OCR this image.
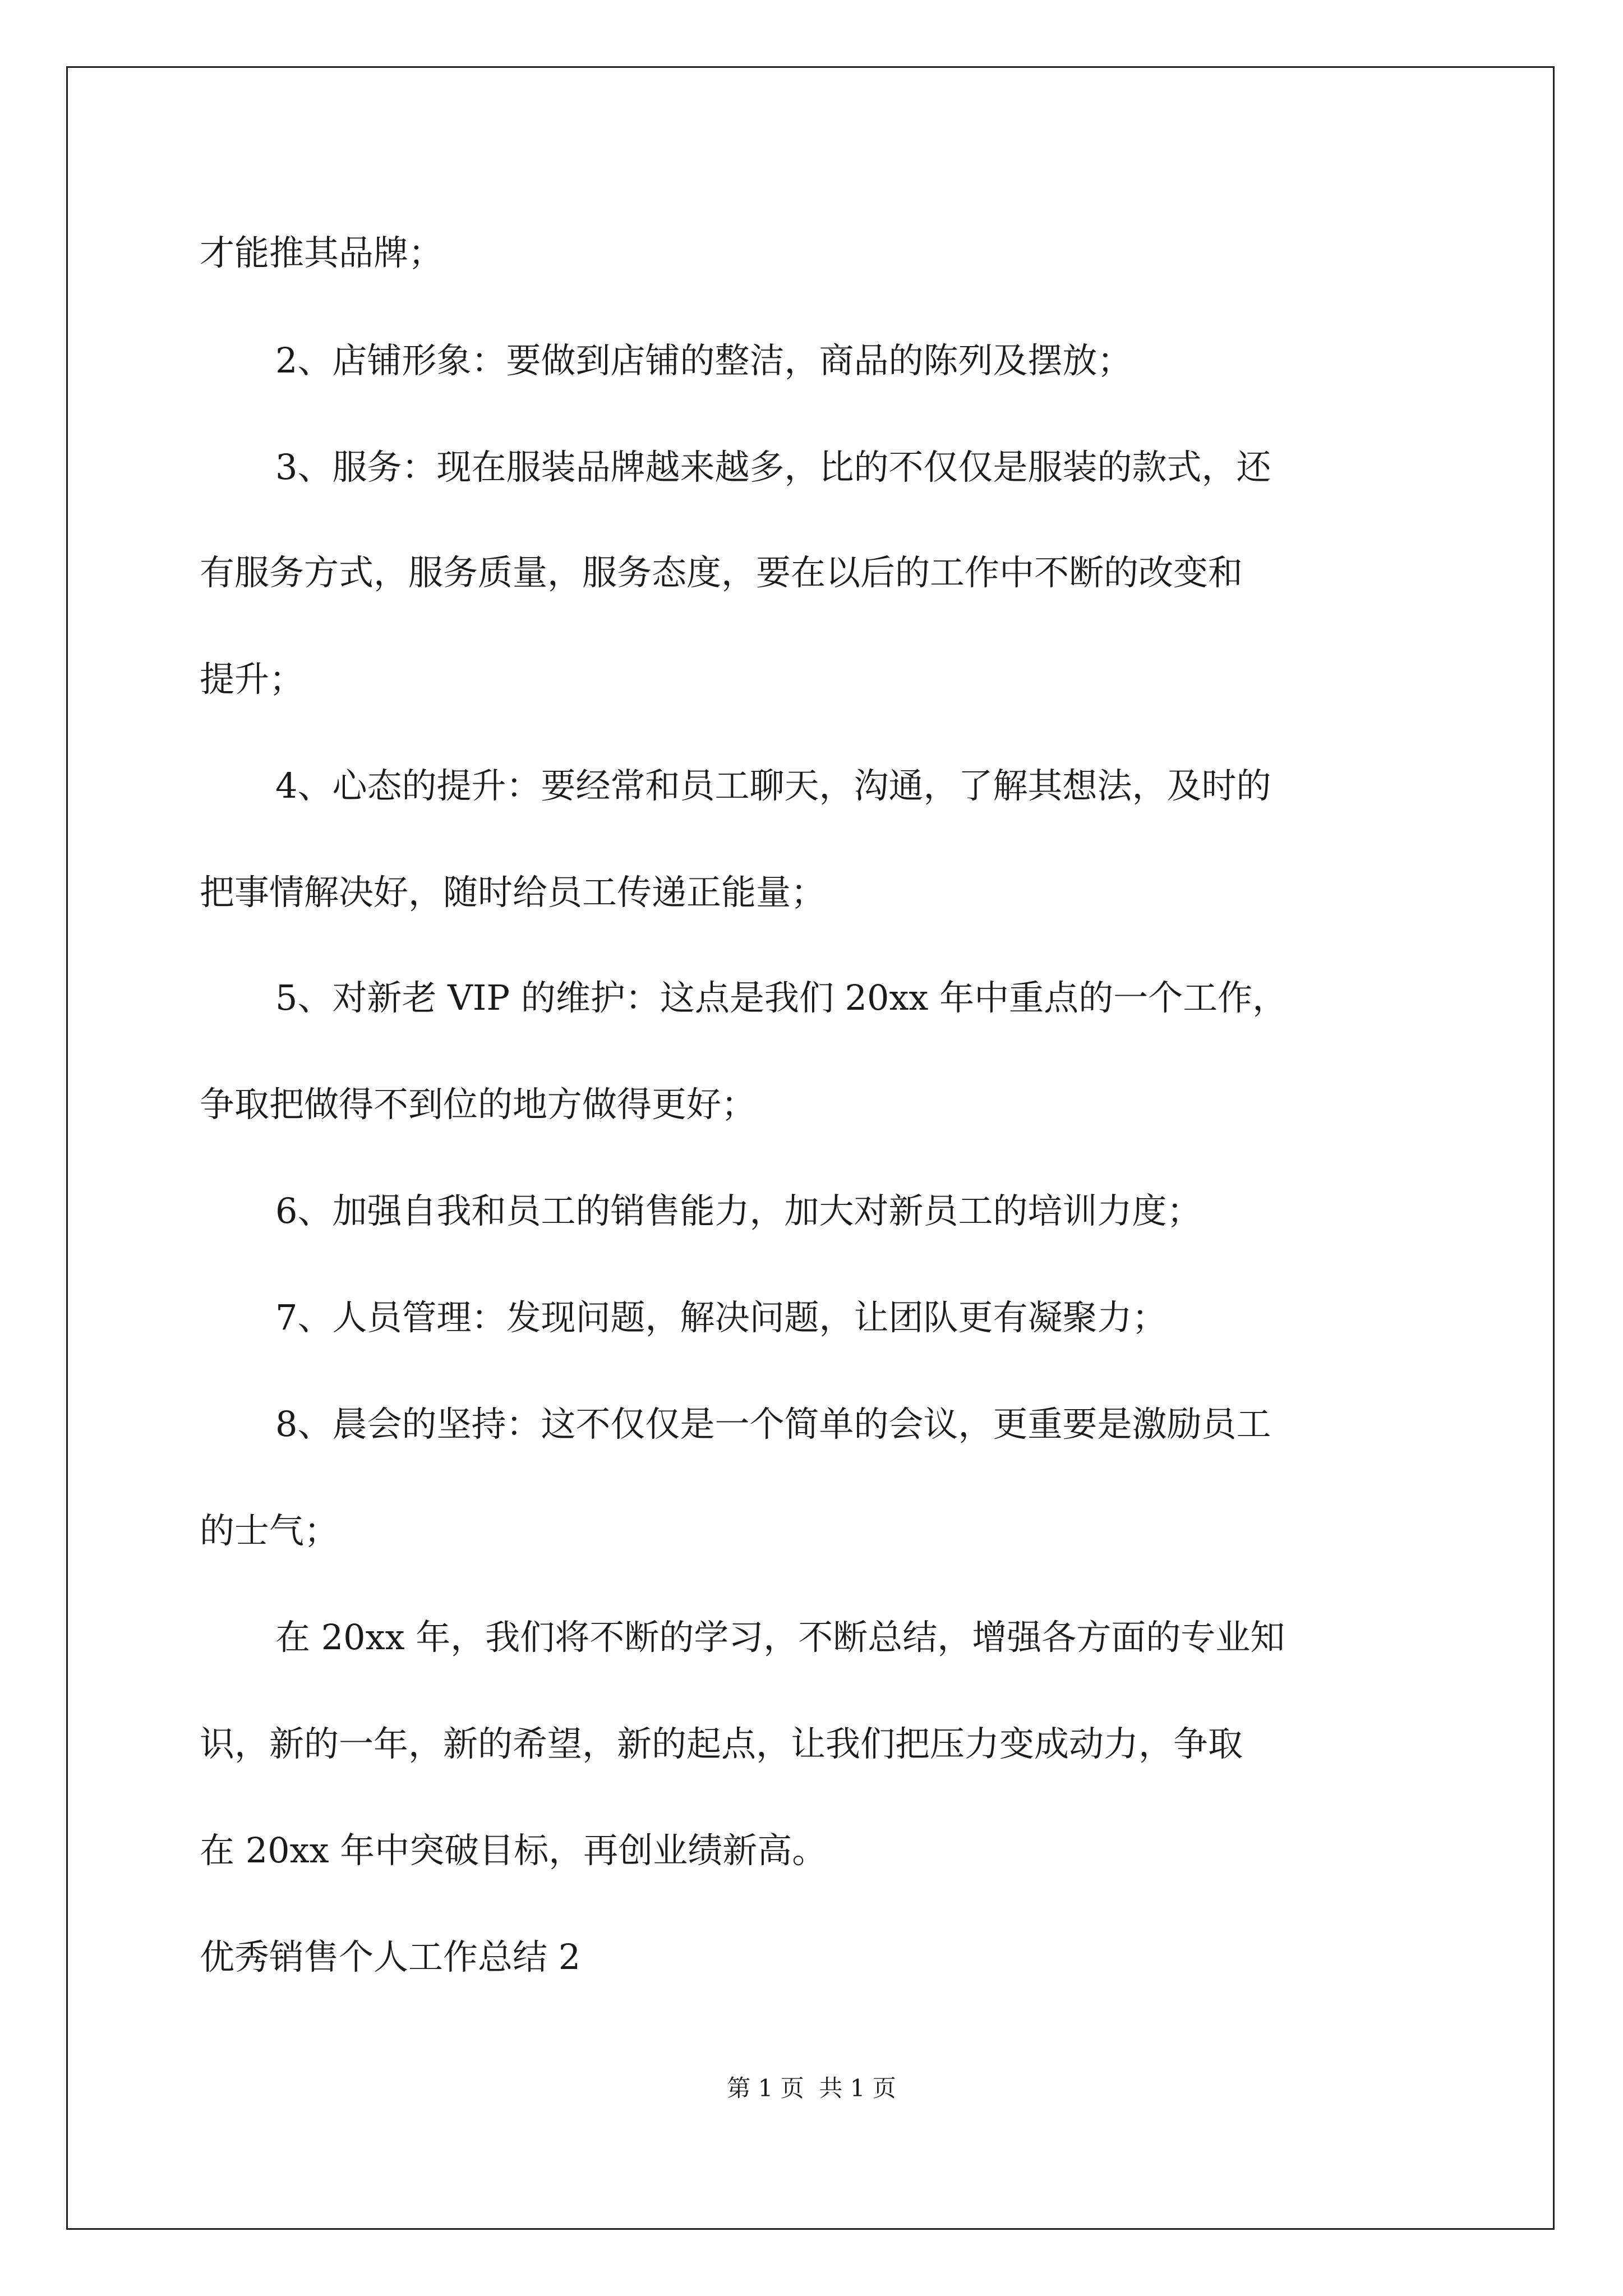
才能推其品牌；
2、店铺形象：要做到店铺的整洁，商品的陈列及摆放；
3、服务：现在服装品牌越来越多，比的不仅仅是服装的款式，还
有服务方式，服务质量，服务态度，要在以后的工作中不断的改变和
提升；
4、心态的提升：要经常和员工聊天，沟通，了解其想法，及时的
把事情解决好，随时给员工传递正能量；
5、对新老 VIP 的维护：这点是我们 20xx 年中重点的一个工作，
争取把做得不到位的地方做得更好；
6、加强自我和员工的销售能力，加大对新员工的培训力度；
7、人员管理：发现问题，解决问题，让团队更有凝聚力；
8、晨会的坚持：这不仅仅是一个简单的会议，更重要是激励员工
的士气；
在 20xx 年，我们将不断的学习，不断总结，增强各方面的专业知
识，新的一年，新的希望，新的起点，让我们把压力变成动力，争取
在 20xx 年中突破目标，再创业绩新高。
优秀销售个人工作总结 2
第 1 页  共 1 页
